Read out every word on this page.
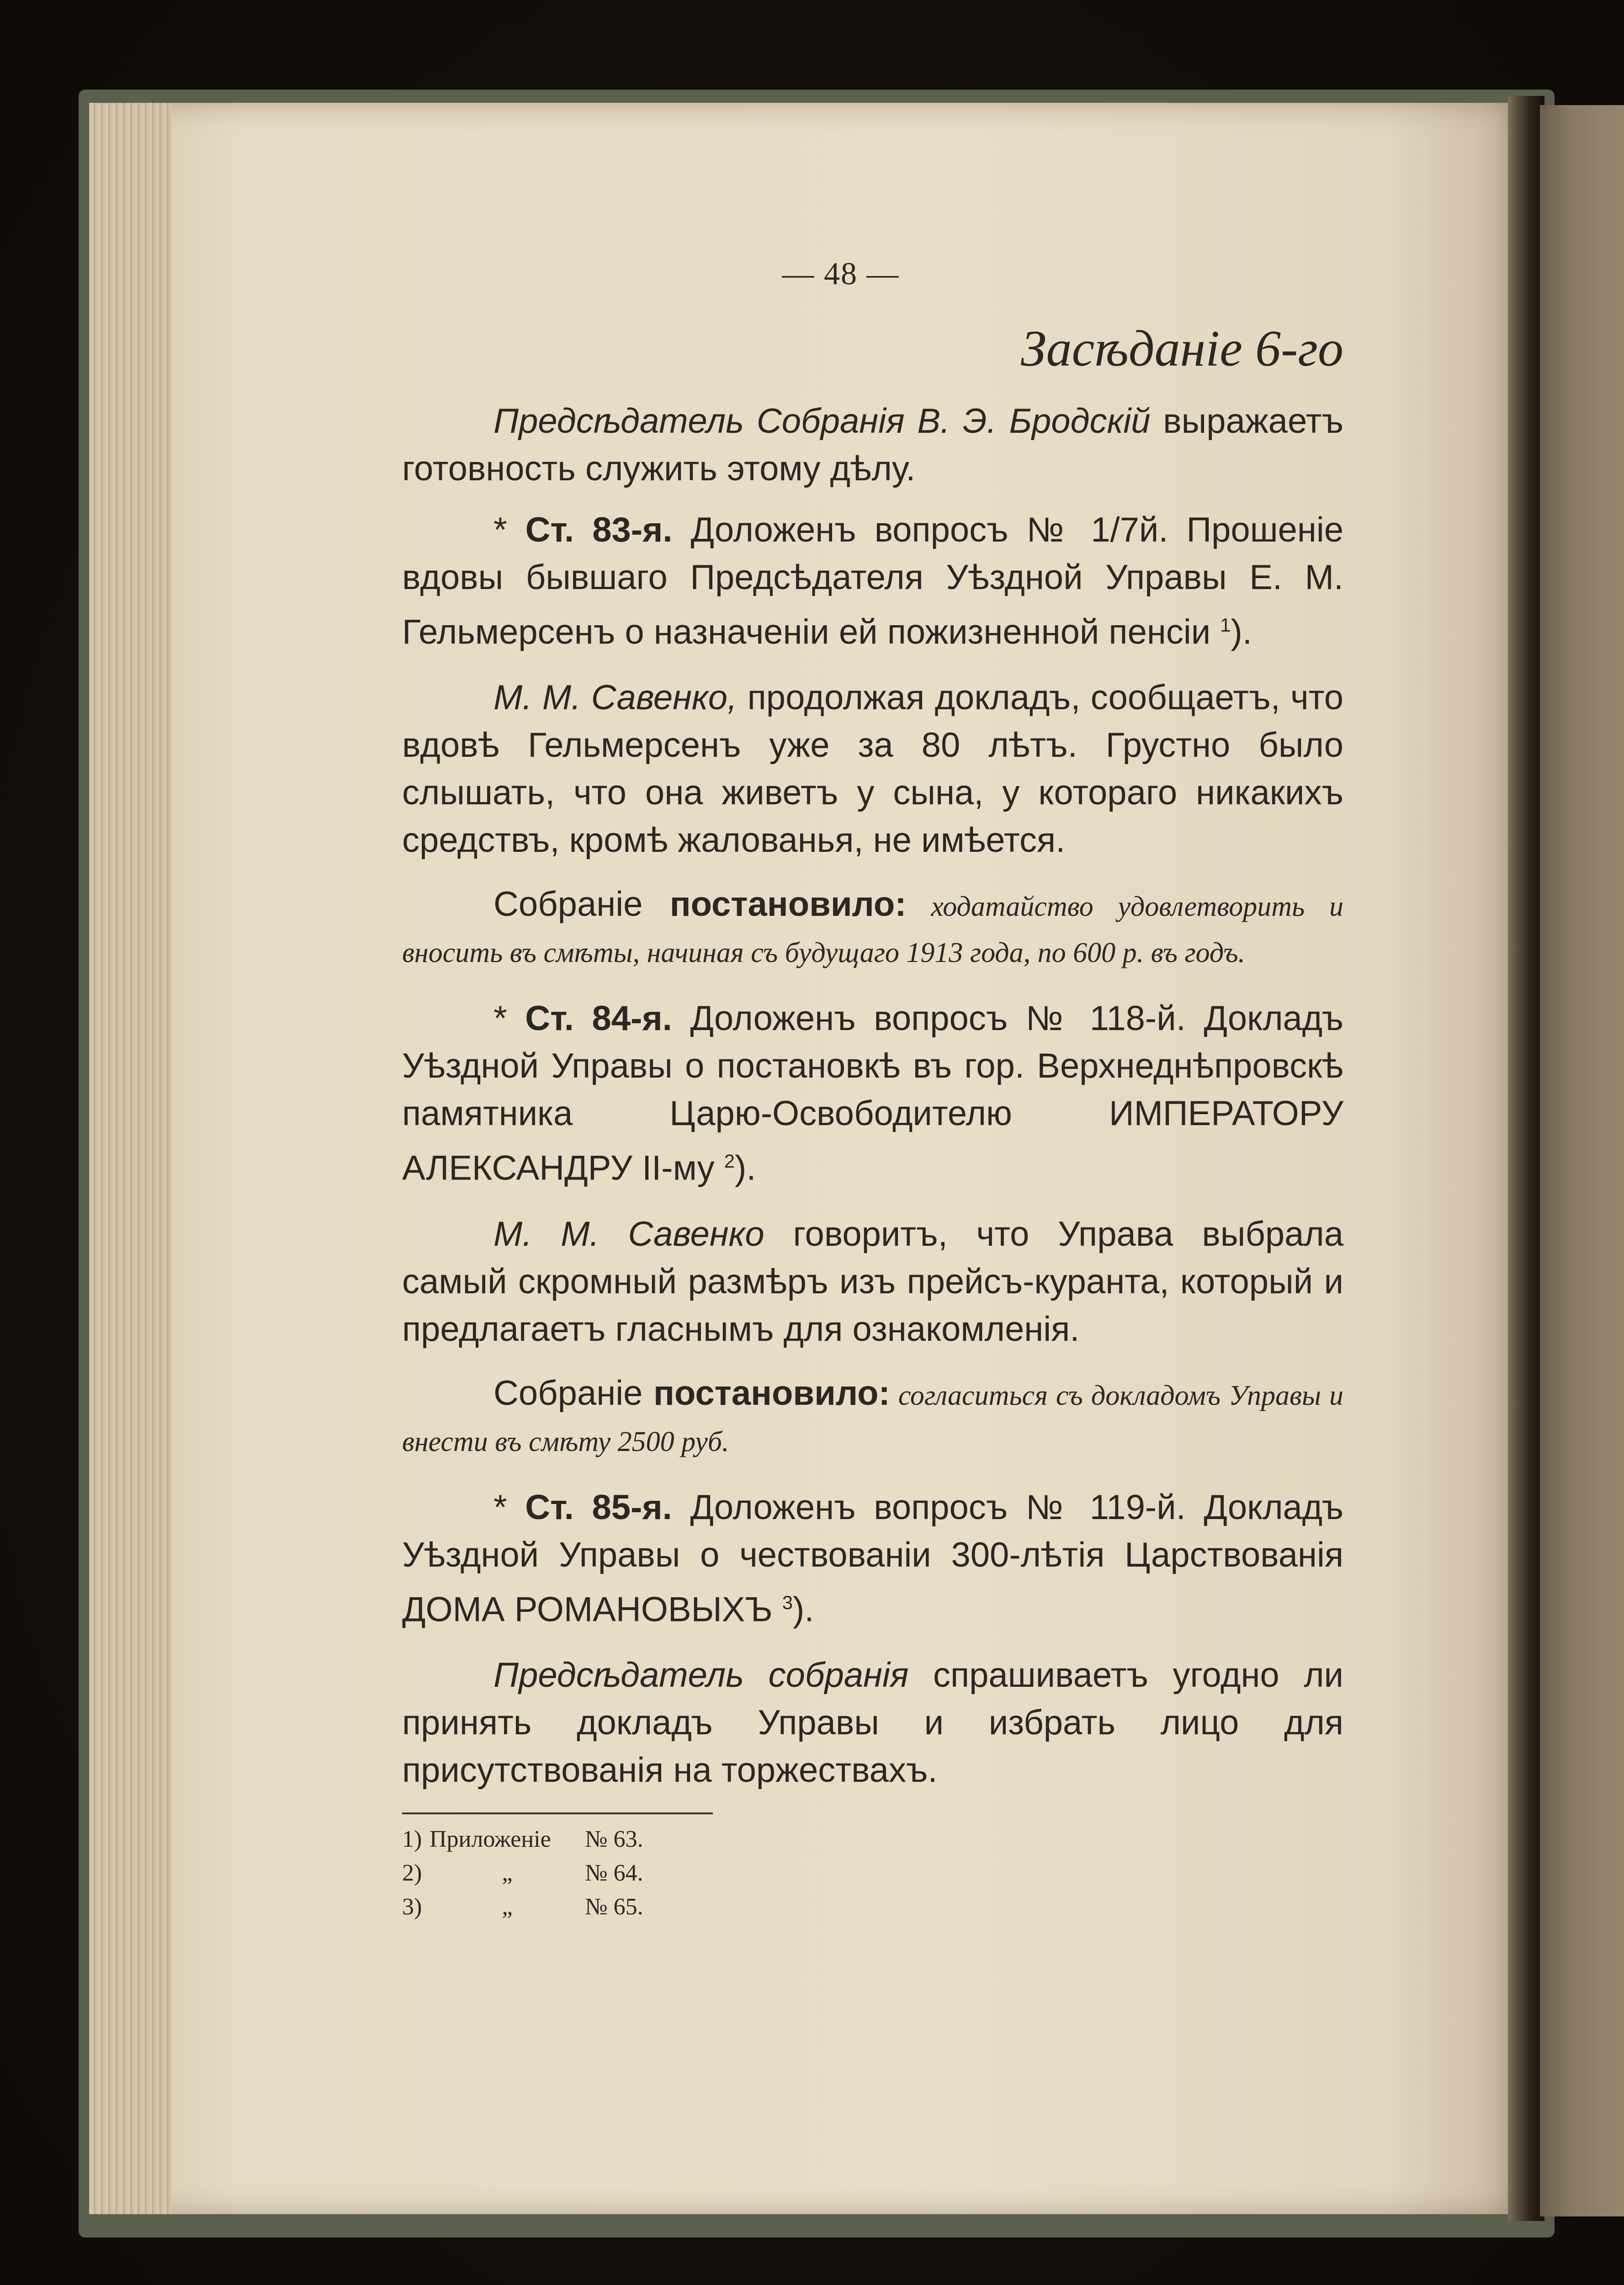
— 48 —
Засѣданіе 6-го

Предсѣдатель Собранія В. Э. Бродскій выражаетъ готовность служить этому дѣлу.

* Ст. 83-я. Доложенъ вопросъ № 1/7й. Прошеніе вдовы бывшаго Предсѣдателя Уѣздной Управы Е. М. Гельмерсенъ о назначеніи ей пожизненной пенсіи $^1$).

М. М. Савенко, продолжая докладъ, сообщаетъ, что вдовѣ Гельмерсенъ уже за 80 лѣтъ. Грустно было слышать, что она живетъ у сына, у котораго никакихъ средствъ, кромѣ жалованья, не имѣется.

Собраніе постановило: ходатайство удовлетворить и вносить въ смѣты, начиная съ будущаго 1913 года, по 600 р. въ годъ.

* Ст. 84-я. Доложенъ вопросъ № 118-й. Докладъ Уѣздной Управы о постановкѣ въ гор. Верхнеднѣпровскѣ памятника Царю-Освободителю ИМПЕРАТОРУ АЛЕКСАНДРУ II-му $^2$).

М. М. Савенко говоритъ, что Управа выбрала самый скромный размѣръ изъ прейсъ-куранта, который и предлагаетъ гласнымъ для ознакомленія.

Собраніе постановило: согласиться съ докладомъ Управы и внести въ смѣту 2500 руб.

* Ст. 85-я. Доложенъ вопросъ № 119-й. Докладъ Уѣздной Управы о чествованіи 300-лѣтія Царствованія ДОМА РОМАНОВЫХЪ $^3$).

Предсѣдатель собранія спрашиваетъ угодно ли принять докладъ Управы и избрать лицо для присутствованія на торжествахъ.

1) Приложеніе	№ 63.
2)	„	№ 64.
3)	„	№ 65.
